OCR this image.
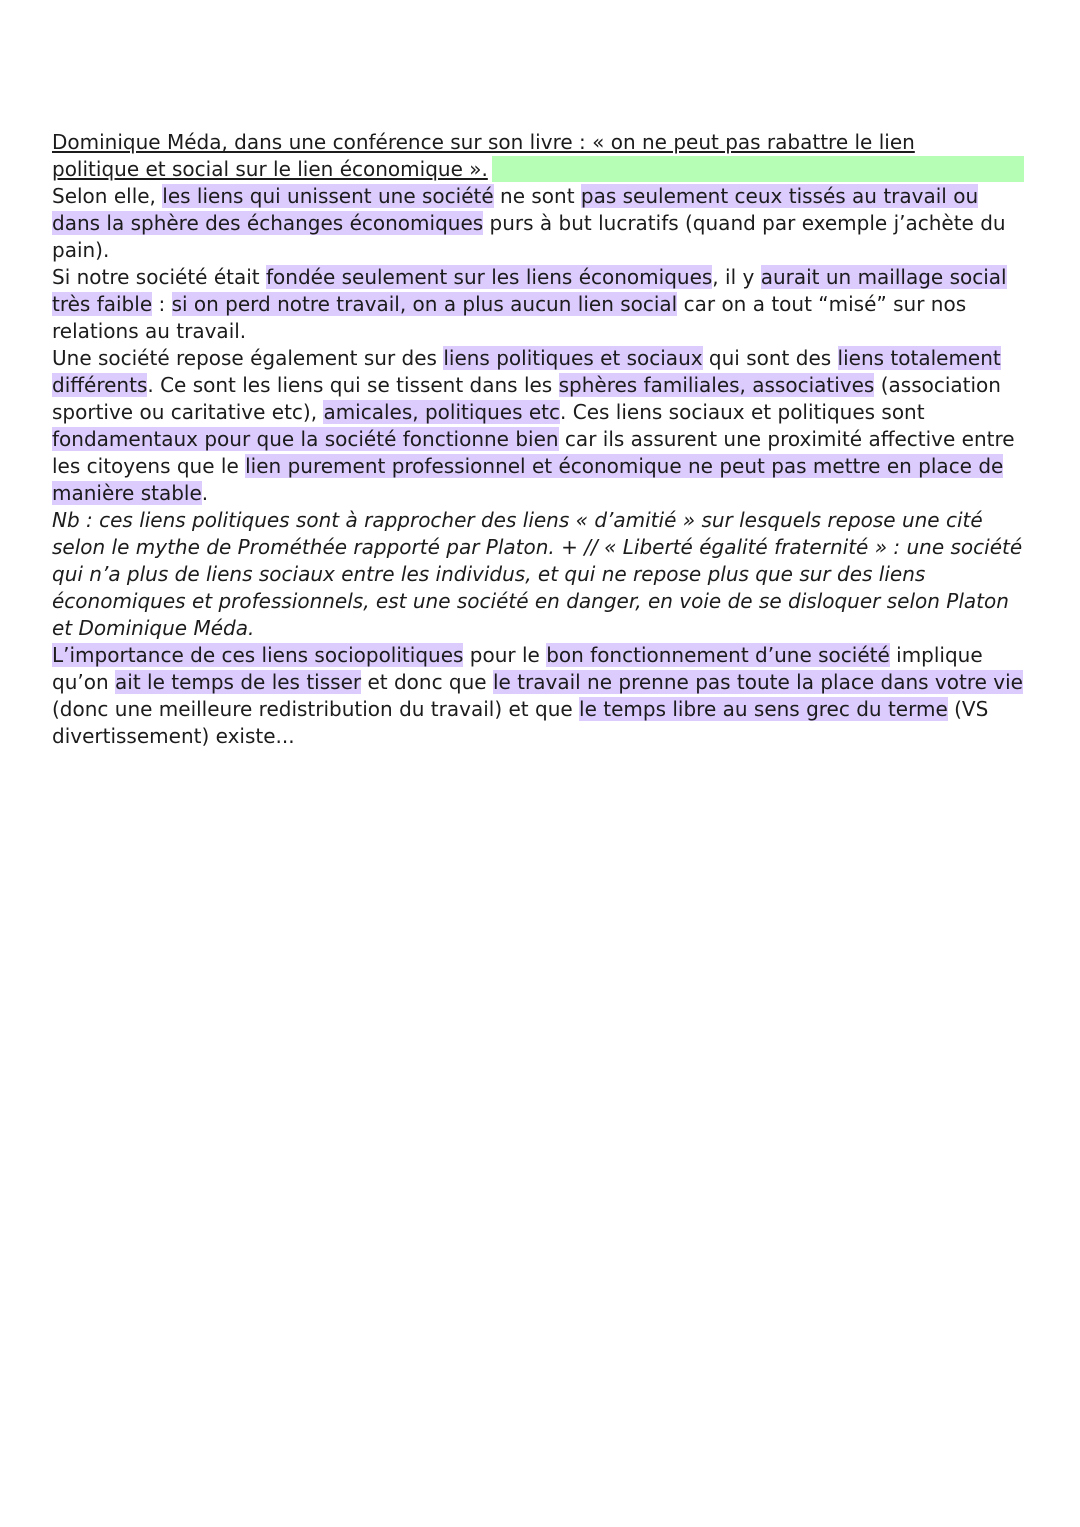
Dominique Méda, dans une conférence sur son livre : « on ne peut pas rabattre le lien
politique et social sur le lien économique ».

Selon elle, les liens qui unissent une société ne sont pas seulement ceux tissés au travail ou dans la sphère des échanges économiques purs à but lucratifs (quand par exemple j’achète du pain).

Si notre société était fondée seulement sur les liens économiques, il y aurait un maillage social très faible : si on perd notre travail, on a plus aucun lien social car on a tout “misé” sur nos relations au travail.

Une société repose également sur des liens politiques et sociaux qui sont des liens totalement différents. Ce sont les liens qui se tissent dans les sphères familiales, associatives (association sportive ou caritative etc), amicales, politiques etc. Ces liens sociaux et politiques sont fondamentaux pour que la société fonctionne bien car ils assurent une proximité affective entre les citoyens que le lien purement professionnel et économique ne peut pas mettre en place de manière stable.

Nb : ces liens politiques sont à rapprocher des liens « d’amitié » sur lesquels repose une cité selon le mythe de Prométhée rapporté par Platon. + // « Liberté égalité fraternité » : une société qui n’a plus de liens sociaux entre les individus, et qui ne repose plus que sur des liens économiques et professionnels, est une société en danger, en voie de se disloquer selon Platon et Dominique Méda.

L’importance de ces liens sociopolitiques pour le bon fonctionnement d’une société implique qu’on ait le temps de les tisser et donc que le travail ne prenne pas toute la place dans votre vie (donc une meilleure redistribution du travail) et que le temps libre au sens grec du terme (VS divertissement) existe...
